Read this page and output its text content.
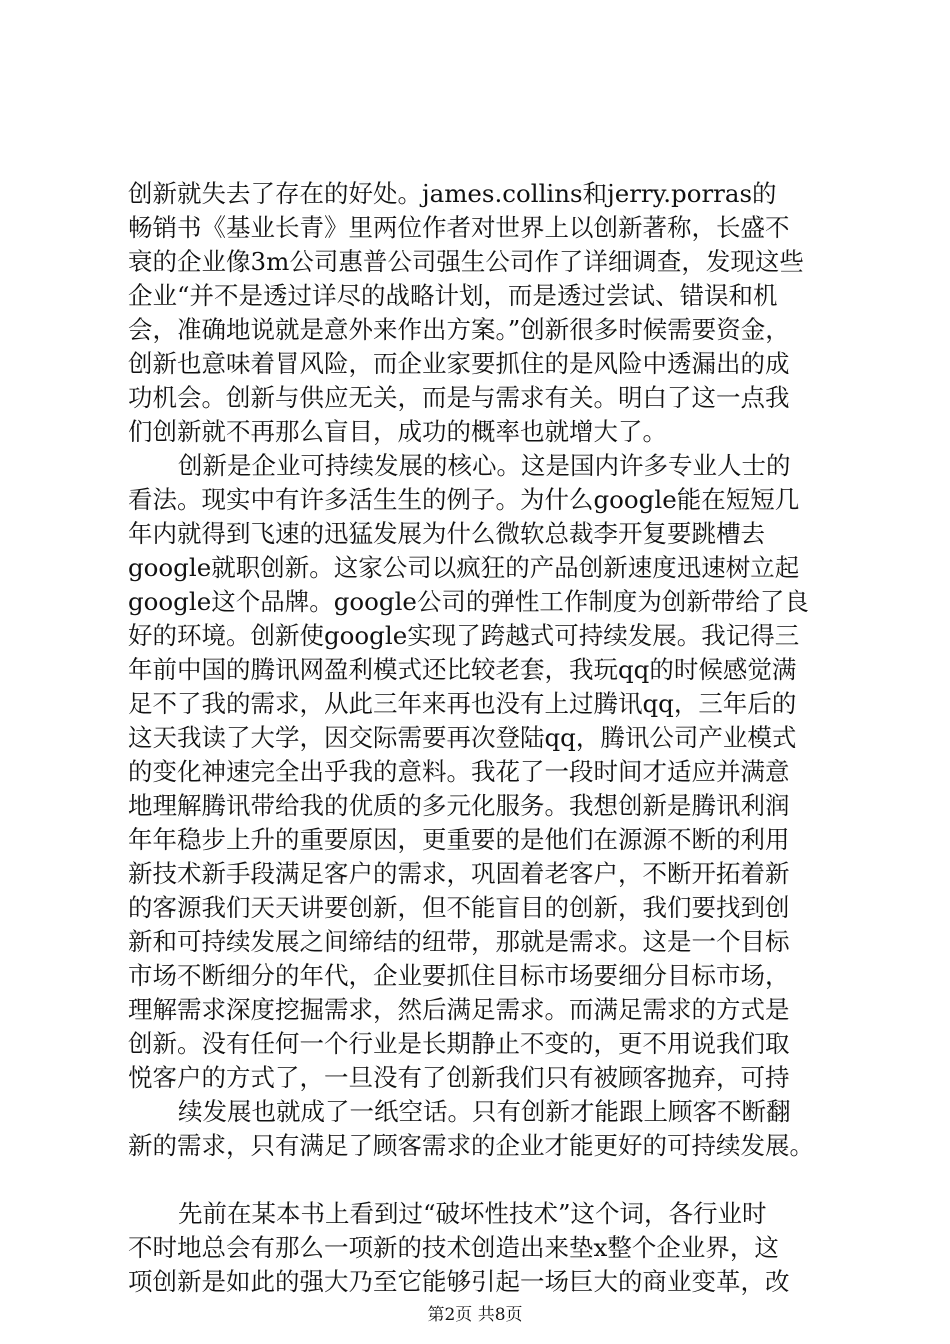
创新就失去了存在的好处。james.collins和jerry.porras的
畅销书《基业长青》里两位作者对世界上以创新著称，长盛不
衰的企业像3m公司惠普公司强生公司作了详细调查，发现这些
企业“并不是透过详尽的战略计划，而是透过尝试、错误和机
会，准确地说就是意外来作出方案。”创新很多时候需要资金，
创新也意味着冒风险，而企业家要抓住的是风险中透漏出的成
功机会。创新与供应无关，而是与需求有关。明白了这一点我
们创新就不再那么盲目，成功的概率也就增大了。
创新是企业可持续发展的核心。这是国内许多专业人士的
看法。现实中有许多活生生的例子。为什么google能在短短几
年内就得到飞速的迅猛发展为什么微软总裁李开复要跳槽去
google就职创新。这家公司以疯狂的产品创新速度迅速树立起
google这个品牌。google公司的弹性工作制度为创新带给了良
好的环境。创新使google实现了跨越式可持续发展。我记得三
年前中国的腾讯网盈利模式还比较老套，我玩qq的时候感觉满
足不了我的需求，从此三年来再也没有上过腾讯qq，三年后的
这天我读了大学，因交际需要再次登陆qq，腾讯公司产业模式
的变化神速完全出乎我的意料。我花了一段时间才适应并满意
地理解腾讯带给我的优质的多元化服务。我想创新是腾讯利润
年年稳步上升的重要原因，更重要的是他们在源源不断的利用
新技术新手段满足客户的需求，巩固着老客户，不断开拓着新
的客源我们天天讲要创新，但不能盲目的创新，我们要找到创
新和可持续发展之间缔结的纽带，那就是需求。这是一个目标
市场不断细分的年代，企业要抓住目标市场要细分目标市场，
理解需求深度挖掘需求，然后满足需求。而满足需求的方式是
创新。没有任何一个行业是长期静止不变的，更不用说我们取
悦客户的方式了，一旦没有了创新我们只有被顾客抛弃，可持
续发展也就成了一纸空话。只有创新才能跟上顾客不断翻
新的需求，只有满足了顾客需求的企业才能更好的可持续发展。
先前在某本书上看到过“破坏性技术”这个词，各行业时
不时地总会有那么一项新的技术创造出来垫x整个企业界，这
项创新是如此的强大乃至它能够引起一场巨大的商业变革，改
第2页 共8页
